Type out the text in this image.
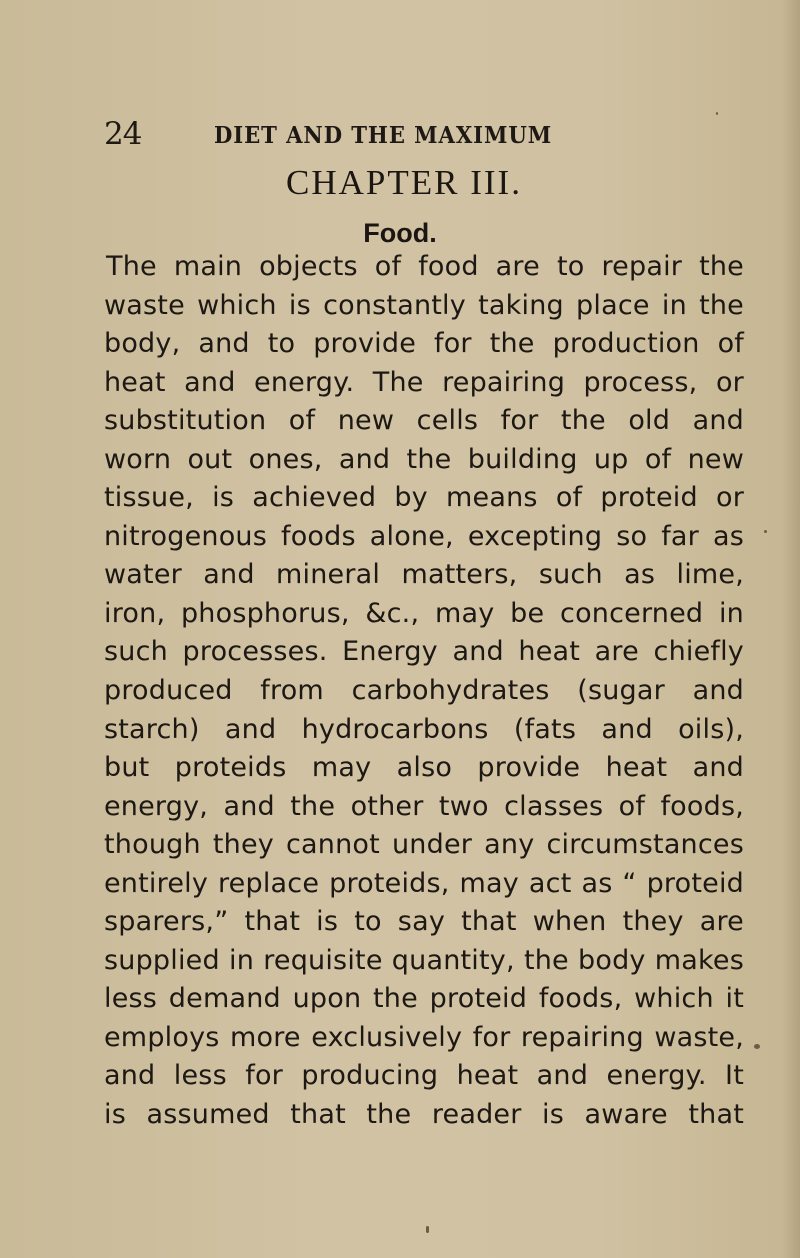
24	DIET AND THE MAXIMUM
CHAPTER III.
Food.
The main objects of food are to repair the
waste which is constantly taking place in the
body, and to provide for the production of
heat and energy. The repairing process, or
substitution of new cells for the old and
worn out ones, and the building up of new
tissue, is achieved by means of proteid or
nitrogenous foods alone, excepting so far as
water and mineral matters, such as lime,
iron, phosphorus, &c., may be concerned in
such processes. Energy and heat are chiefly
produced from carbohydrates (sugar and
starch) and hydrocarbons (fats and oils),
but proteids may also provide heat and
energy, and the other two classes of foods,
though they cannot under any circumstances
entirely replace proteids, may act as “ proteid
sparers,” that is to say that when they are
supplied in requisite quantity, the body makes
less demand upon the proteid foods, which it
employs more exclusively for repairing waste,
and less for producing heat and energy. It
is assumed that the reader is aware that
